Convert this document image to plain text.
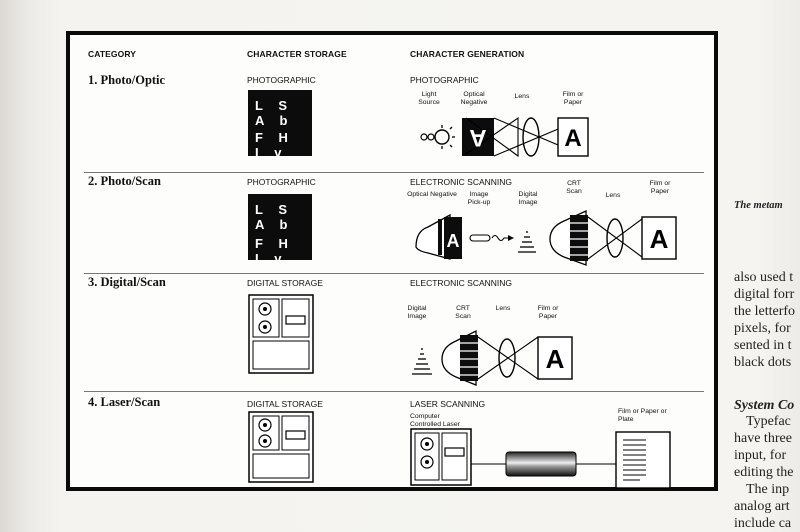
CATEGORY	CHARACTER STORAGE	CHARACTER GENERATION
1. Photo/Optic	PHOTOGRAPHIC	PHOTOGRAPHIC
L S A b
F H I v
Light Source
Optical Negative
Lens	Film or Paper
A	A
2. Photo/Scan	PHOTOGRAPHIC	ELECTRONIC SCANNING
L S A b
F H I v
Optical Negative	Image Pick-up
Digital Image
CRT Scan
Lens
Film or Paper
A	A
3. Digital/Scan	DIGITAL STORAGE	ELECTRONIC SCANNING
Digital Image
CRT Scan
Lens	Film or Paper
A
4. Laser/Scan	DIGITAL STORAGE	LASER SCANNING
Computer Controlled Laser
Film or Paper or Plate
The metam
also used t
digital forr
the letterfo
pixels, for
sented in t
black dots
System Co
Typefac
have three
input, for
editing the
The inp
analog art
include ca
